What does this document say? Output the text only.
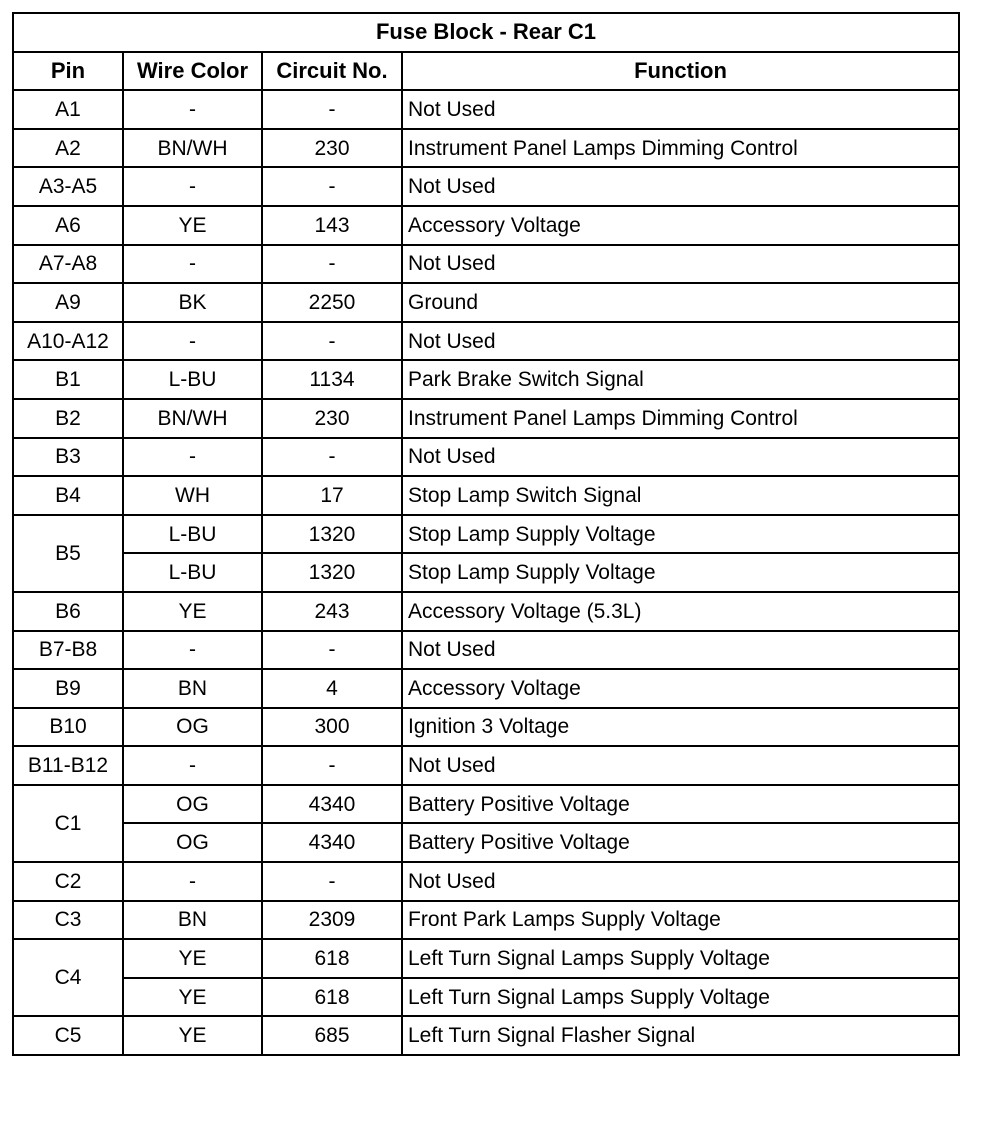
Fuse Block - Rear C1			
Pin	Wire Color	Circuit No.	Function
A1	-	-	Not Used
A2	BN/WH	230	Instrument Panel Lamps Dimming Control
A3-A5	-	-	Not Used
A6	YE	143	Accessory Voltage
A7-A8	-	-	Not Used
A9	BK	2250	Ground
A10-A12	-	-	Not Used
B1	L-BU	1134	Park Brake Switch Signal
B2	BN/WH	230	Instrument Panel Lamps Dimming Control
B3	-	-	Not Used
B4	WH	17	Stop Lamp Switch Signal
B5	L-BU	1320	Stop Lamp Supply Voltage
	L-BU	1320	Stop Lamp Supply Voltage
B6	YE	243	Accessory Voltage (5.3L)
B7-B8	-	-	Not Used
B9	BN	4	Accessory Voltage
B10	OG	300	Ignition 3 Voltage
B11-B12	-	-	Not Used
C1	OG	4340	Battery Positive Voltage
	OG	4340	Battery Positive Voltage
C2	-	-	Not Used
C3	BN	2309	Front Park Lamps Supply Voltage
C4	YE	618	Left Turn Signal Lamps Supply Voltage
	YE	618	Left Turn Signal Lamps Supply Voltage
C5	YE	685	Left Turn Signal Flasher Signal
